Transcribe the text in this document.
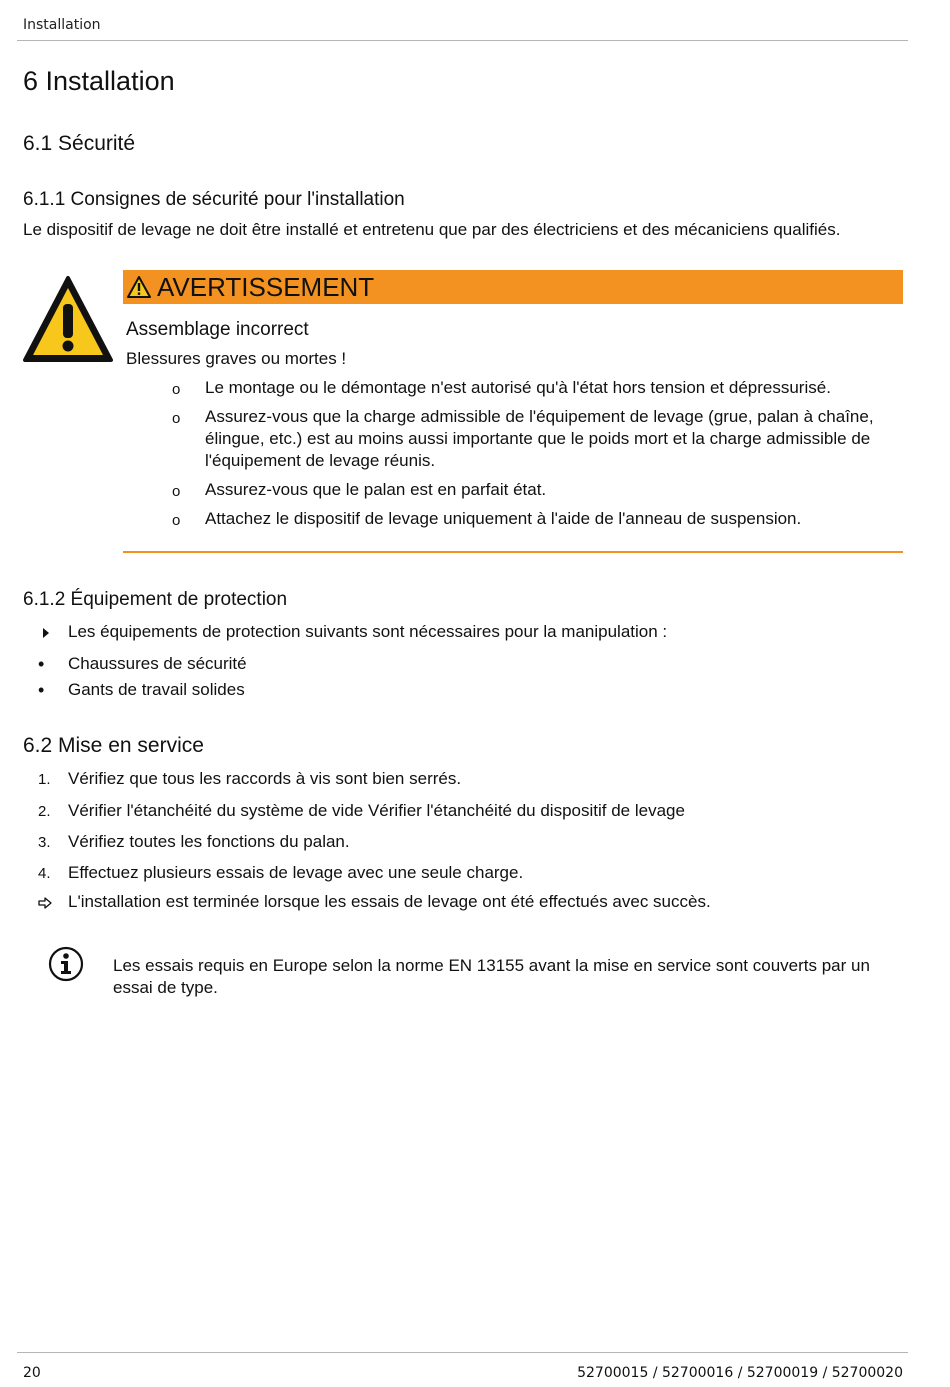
Installation
6 Installation
6.1 Sécurité
6.1.1 Consignes de sécurité pour l'installation
Le dispositif de levage ne doit être installé et entretenu que par des électriciens et des mécaniciens qualifiés.
AVERTISSEMENT
Assemblage incorrect
Blessures graves ou mortes !
o Le montage ou le démontage n'est autorisé qu'à l'état hors tension et dépressurisé.
o Assurez-vous que la charge admissible de l'équipement de levage (grue, palan à chaîne, élingue, etc.) est au moins aussi importante que le poids mort et la charge admissible de l'équipement de levage réunis.
o Assurez-vous que le palan est en parfait état.
o Attachez le dispositif de levage uniquement à l'aide de l'anneau de suspension.
6.1.2 Équipement de protection
Les équipements de protection suivants sont nécessaires pour la manipulation :
• Chaussures de sécurité
• Gants de travail solides
6.2 Mise en service
1. Vérifiez que tous les raccords à vis sont bien serrés.
2. Vérifier l'étanchéité du système de vide Vérifier l'étanchéité du dispositif de levage
3. Vérifiez toutes les fonctions du palan.
4. Effectuez plusieurs essais de levage avec une seule charge.
L'installation est terminée lorsque les essais de levage ont été effectués avec succès.
Les essais requis en Europe selon la norme EN 13155 avant la mise en service sont couverts par un essai de type.
20	52700015 / 52700016 / 52700019 / 52700020
